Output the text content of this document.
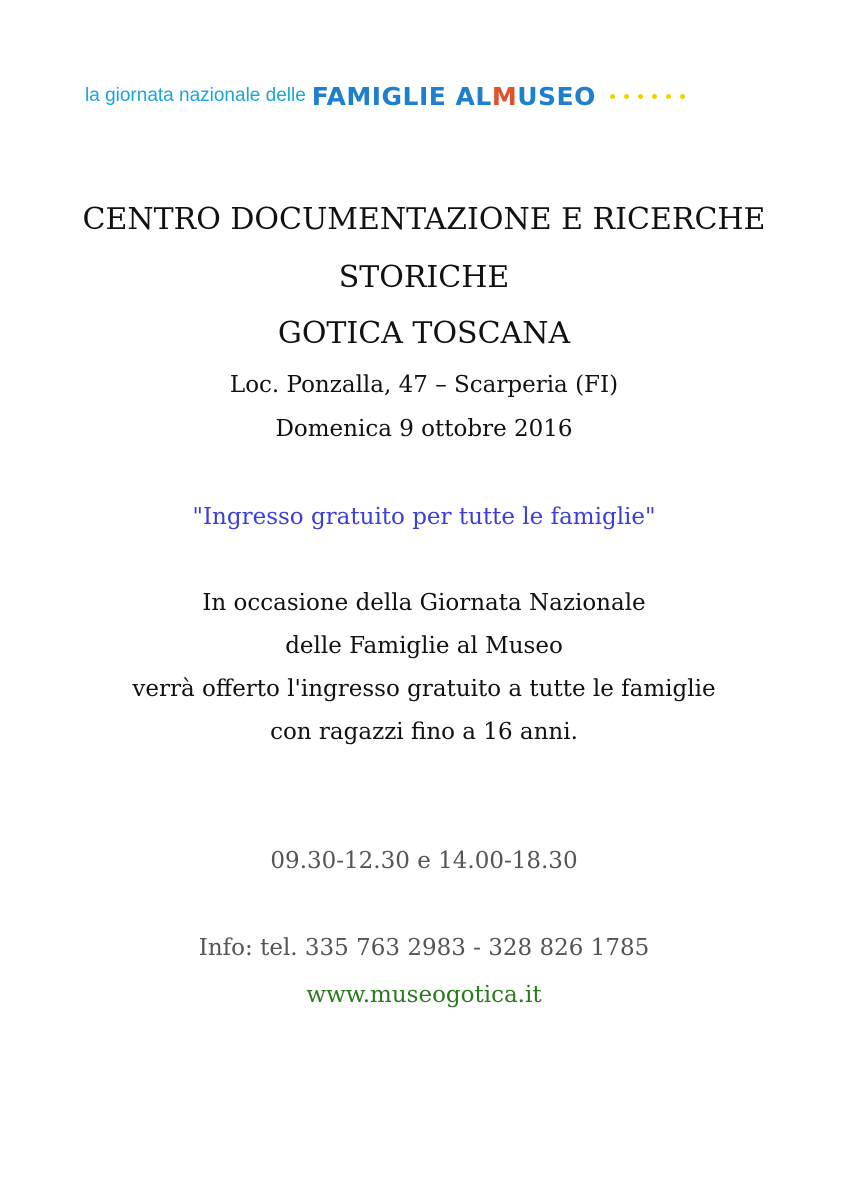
la giornata nazionale delle FAMIGLIE AL M USEO
CENTRO DOCUMENTAZIONE E RICERCHE
STORICHE
GOTICA TOSCANA
Loc. Ponzalla, 47 – Scarperia (FI)
Domenica 9 ottobre 2016
"Ingresso gratuito per tutte le famiglie"
In occasione della Giornata Nazionale
delle Famiglie al Museo
verrà offerto l'ingresso gratuito a tutte le famiglie
con ragazzi fino a 16 anni.
09.30-12.30 e 14.00-18.30
Info: tel. 335 763 2983 - 328 826 1785
www.museogotica.it
